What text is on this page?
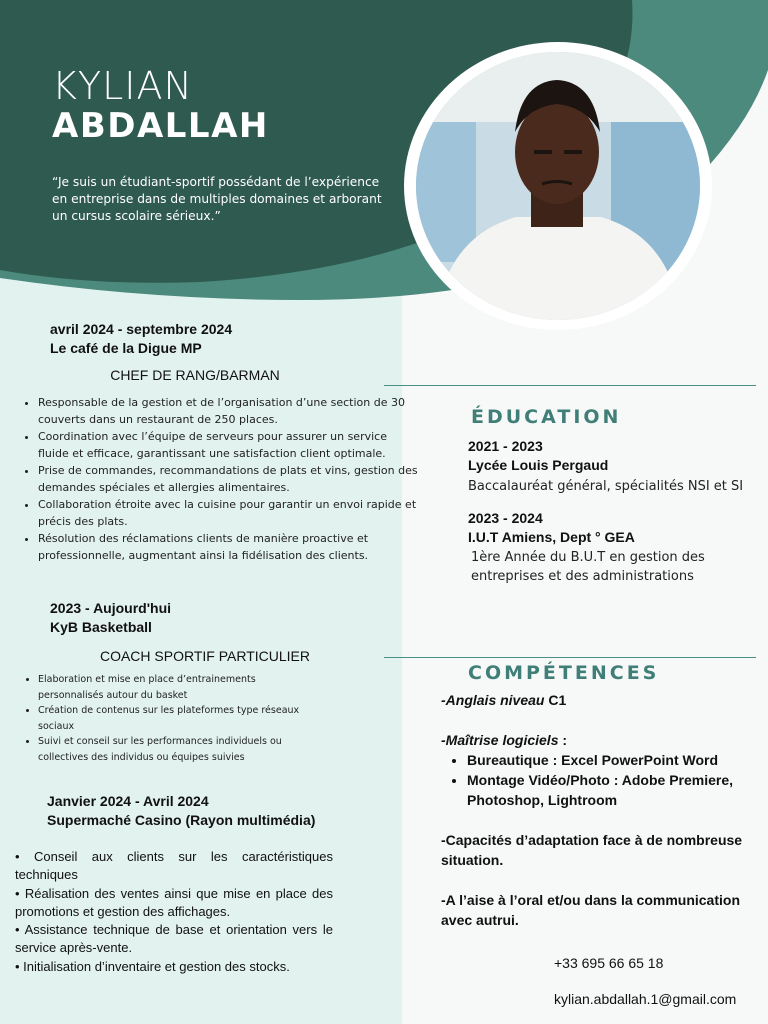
KYLIAN
ABDALLAH
“Je suis un étudiant-sportif possédant de l’expérience en entreprise dans de multiples domaines et arborant un cursus scolaire sérieux.”
avril 2024 - septembre 2024
Le café de la Digue MP
CHEF DE RANG/BARMAN
• Responsable de la gestion et de l’organisation d’une section de 30 couverts dans un restaurant de 250 places.
• Coordination avec l’équipe de serveurs pour assurer un service fluide et efficace, garantissant une satisfaction client optimale.
• Prise de commandes, recommandations de plats et vins, gestion des demandes spéciales et allergies alimentaires.
• Collaboration étroite avec la cuisine pour garantir un envoi rapide et précis des plats.
• Résolution des réclamations clients de manière proactive et professionnelle, augmentant ainsi la fidélisation des clients.
2023 - Aujourd'hui
KyB Basketball
COACH SPORTIF PARTICULIER
• Elaboration et mise en place d’entrainements personnalisés autour du basket
• Création de contenus sur les plateformes type réseaux sociaux
• Suivi et conseil sur les performances individuels ou collectives des individus ou équipes suivies
Janvier 2024 - Avril 2024
Supermaché Casino (Rayon multimédia)

• Conseil aux clients sur les caractéristiques techniques

• Réalisation des ventes ainsi que mise en place des promotions et gestion des affichages.

• Assistance technique de base et orientation vers le service après-vente.

• Initialisation d’inventaire et gestion des stocks.

ÉDUCATION
2021 - 2023
Lycée Louis Pergaud
Baccalauréat général, spécialités NSI et SI
2023 - 2024
I.U.T Amiens, Dept ° GEA
1ère Année du B.U.T en gestion des entreprises et des administrations
COMPÉTENCES

-Anglais niveau C1

-Maîtrise logiciels :

• Bureautique : Excel PowerPoint Word
• Montage Vidéo/Photo : Adobe Premiere, Photoshop, Lightroom

-Capacités d’adaptation face à de nombreuse situation.

-A l’aise à l’oral et/ou dans la communication avec autrui.

+33 695 66 65 18
kylian.abdallah.1@gmail.com
